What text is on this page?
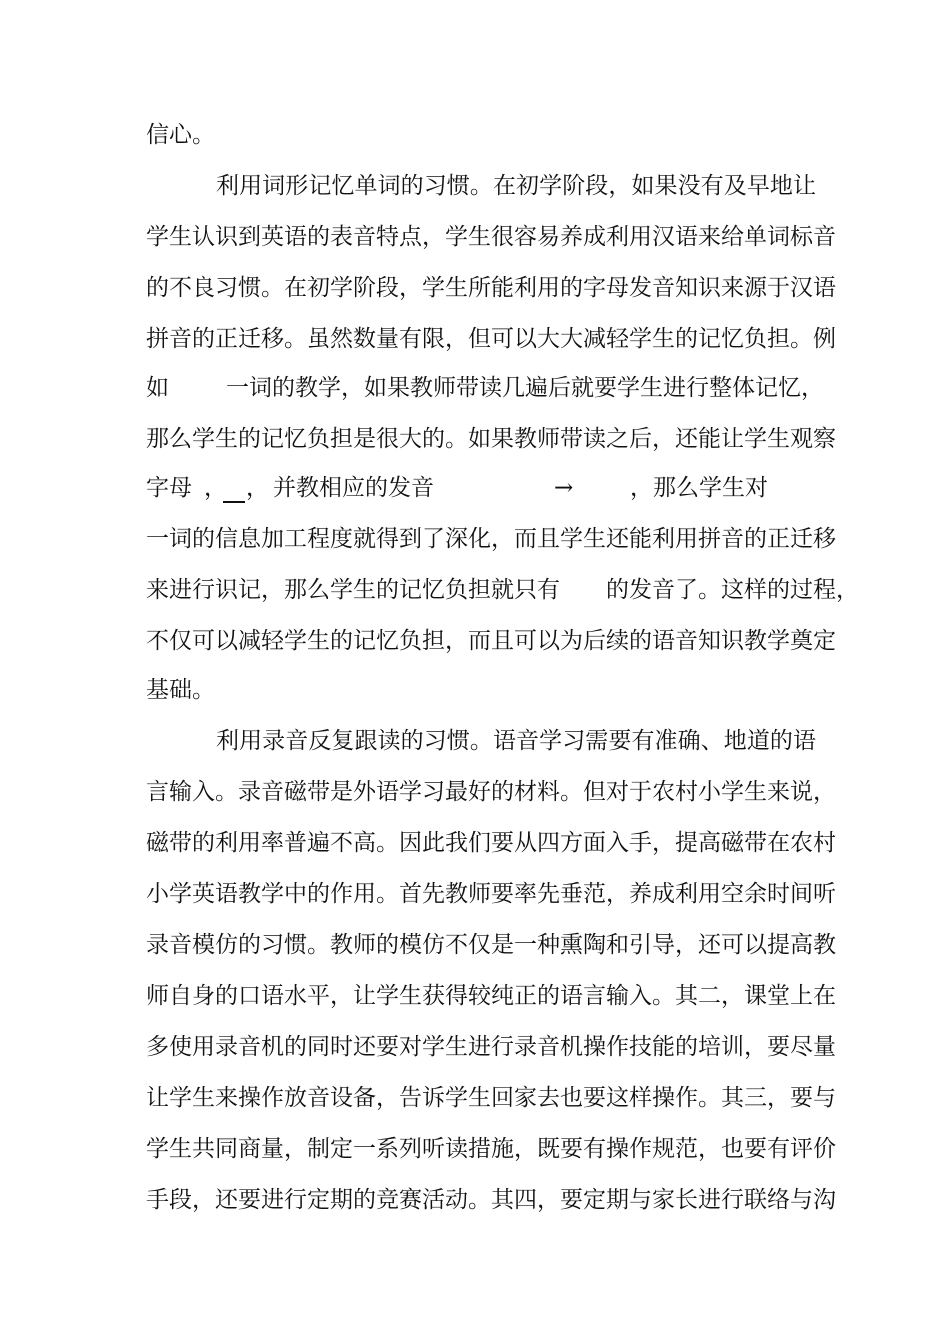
信心。
利用词形记忆单词的习惯。在初学阶段，如果没有及早地让
学生认识到英语的表音特点，学生很容易养成利用汉语来给单词标音
的不良习惯。在初学阶段，学生所能利用的字母发音知识来源于汉语
拼音的正迁移。虽然数量有限，但可以大大减轻学生的记忆负担。例
如 一词的教学，如果教师带读几遍后就要学生进行整体记忆，
那么学生的记忆负担是很大的。如果教师带读之后，还能让学生观察
字母 ， ， 并教相应的发音	→ ，那么学生对
一词的信息加工程度就得到了深化，而且学生还能利用拼音的正迁移
来进行识记，那么学生的记忆负担就只有　　的发音了。这样的过程，
不仅可以减轻学生的记忆负担，而且可以为后续的语音知识教学奠定
基础。
利用录音反复跟读的习惯。语音学习需要有准确、地道的语
言输入。录音磁带是外语学习最好的材料。但对于农村小学生来说，
磁带的利用率普遍不高。因此我们要从四方面入手，提高磁带在农村
小学英语教学中的作用。首先教师要率先垂范，养成利用空余时间听
录音模仿的习惯。教师的模仿不仅是一种熏陶和引导，还可以提高教
师自身的口语水平，让学生获得较纯正的语言输入。其二，课堂上在
多使用录音机的同时还要对学生进行录音机操作技能的培训，要尽量
让学生来操作放音设备，告诉学生回家去也要这样操作。其三，要与
学生共同商量，制定一系列听读措施，既要有操作规范，也要有评价
手段，还要进行定期的竞赛活动。其四，要定期与家长进行联络与沟
